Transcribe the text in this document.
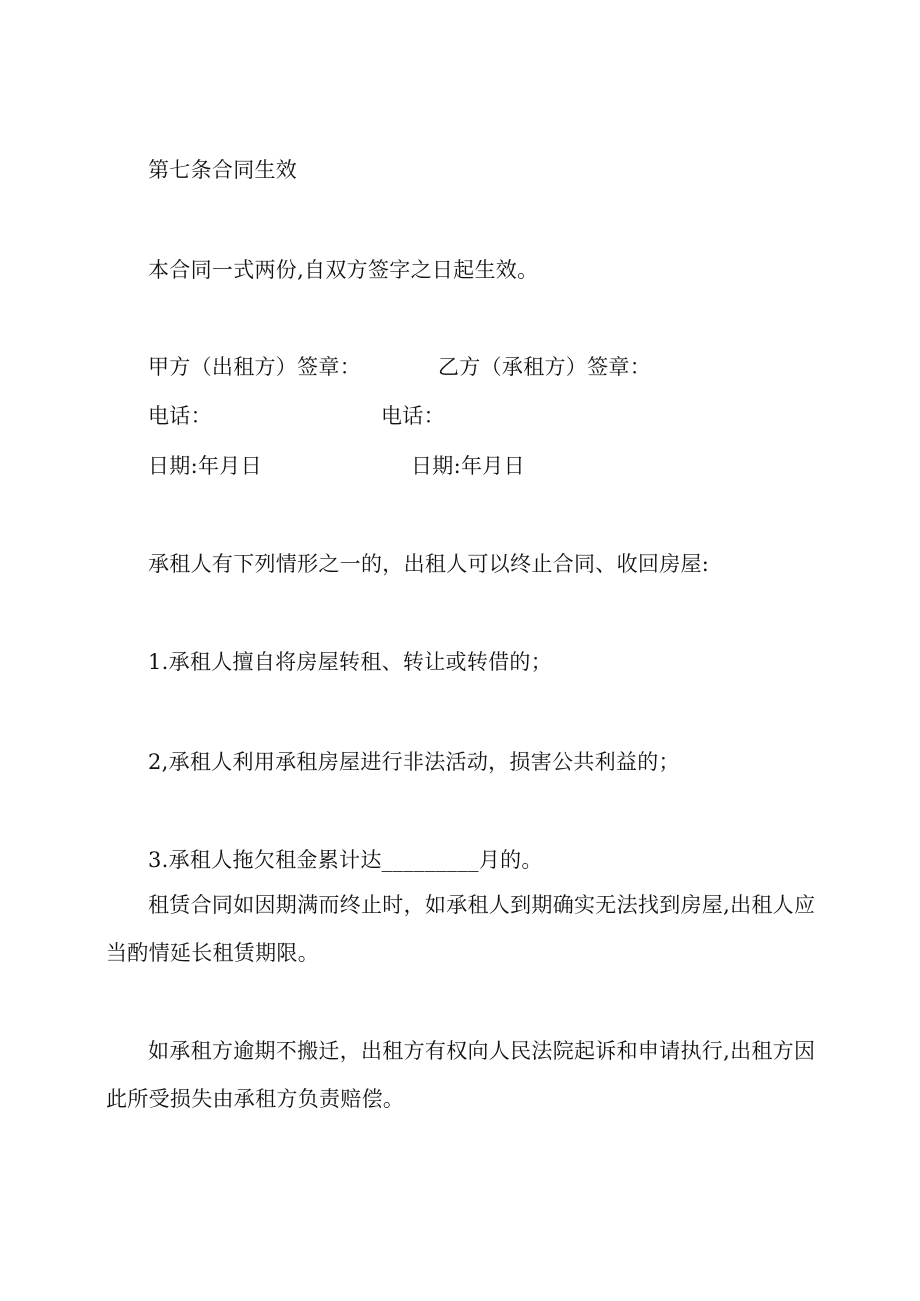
第七条合同生效
本合同一式两份,自双方签字之日起生效。
甲方（出租方）签章：	乙方（承租方）签章：
电话：	电话：
日期:年月日	日期:年月日
承租人有下列情形之一的，出租人可以终止合同、收回房屋:
1.承租人擅自将房屋转租、转让或转借的；
2,承租人利用承租房屋进行非法活动，损害公共利益的；
3.承租人拖欠租金累计达_________月的。
租赁合同如因期满而终止时，如承租人到期确实无法找到房屋,出租人应当酌情延长租赁期限。
如承租方逾期不搬迁，出租方有权向人民法院起诉和申请执行,出租方因此所受损失由承租方负责赔偿。
